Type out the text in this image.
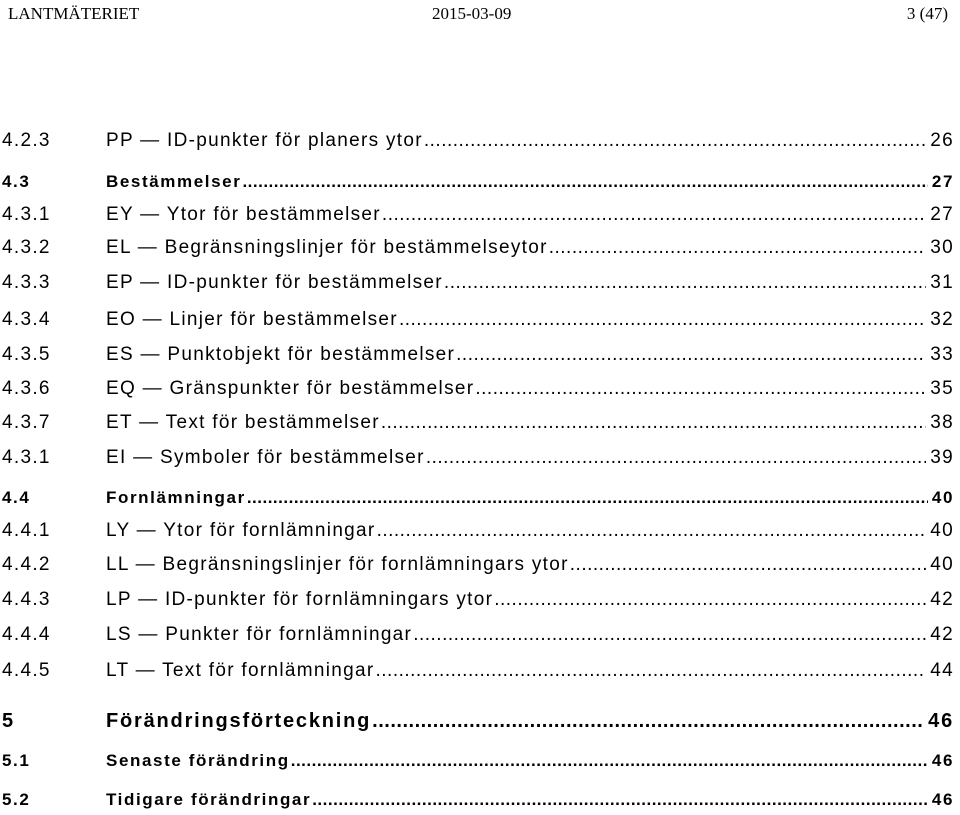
LANTMÄTERIET	2015-03-09	3 (47)
4.2.3	PP — ID-punkter för planers ytor .....	26
4.3	Bestämmelser .....	27
4.3.1	EY — Ytor för bestämmelser .....	27
4.3.2	EL — Begränsningslinjer för bestämmelseytor .....	30
4.3.3	EP — ID-punkter för bestämmelser .....	31
4.3.4	EO — Linjer för bestämmelser .....	32
4.3.5	ES — Punktobjekt för bestämmelser .....	33
4.3.6	EQ — Gränspunkter för bestämmelser .....	35
4.3.7	ET — Text för bestämmelser .....	38
4.3.1	EI — Symboler för bestämmelser .....	39
4.4	Fornlämningar .....	40
4.4.1	LY — Ytor för fornlämningar .....	40
4.4.2	LL — Begränsningslinjer för fornlämningars ytor .....	40
4.4.3	LP — ID-punkter för fornlämningars ytor .....	42
4.4.4	LS — Punkter för fornlämningar .....	42
4.4.5	LT — Text för fornlämningar .....	44
5	Förändringsförteckning .....	46
5.1	Senaste förändring .....	46
5.2	Tidigare förändringar .....	46
